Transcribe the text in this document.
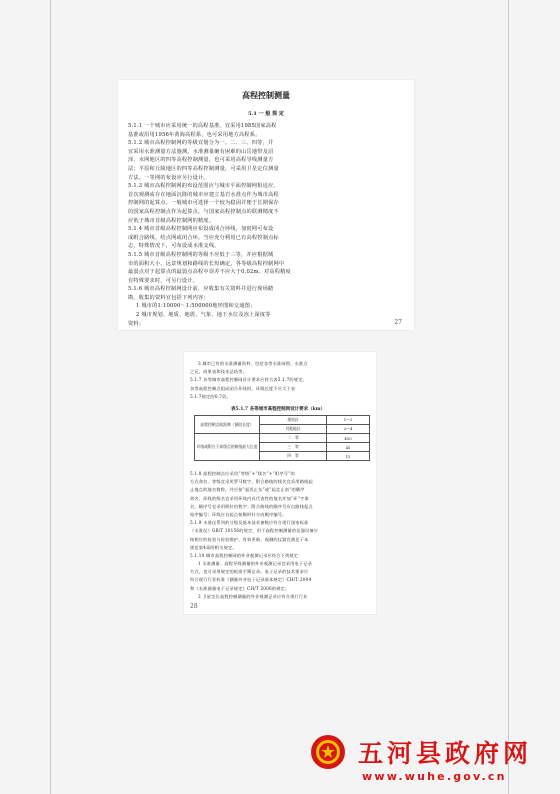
高程控制测量
5.1 一 般 规 定
5.1.1 一个城市应采用统一的高程基准。宜采用1985国家高程
基准或沿用1956年黄海高程系，也可采用地方高程系。
5.1.2 城市高程控制网的等级宜划分为一、二、三、四等，并
宜采用水准测量方法施测。水准测量确有困难的山岳地带及沼
泽、水网地区的四等高程控制测量，也可采用高程导线测量方
法；平原和丘陵地区的四等高程控制测量，可采用卫星定位测量
方法。一等网的布设应另行设计。
5.1.3 城市高程控制网的布设范围应与城市平面控制网相适应。
首次观测或存在地面沉降的城市应建立基岩水准点作为城市高程
控制网的起算点。一般城市可选择一个较为稳固并便于长期保存
的国家高程控制点作为起算点。与国家高程控制点的联测精度不
应低于城市首级高程控制网的精度。
5.1.4 城市首级高程控制网应布设成闭合环线，加密网可布设
成附合路线、结点网或闭合环。当应充分利用已有高程控制点标
志，特殊情况下，可布设成水准支线。
5.1.5 城市首级高程控制网的等级不应低于三等，并应根据城
市的面积大小、远景规划和路线的长短确定。各等级高程控制网中
最弱点对于起算点的最弱点高程中误差不应大于0.02m。对高程精度
有特殊要求时，可另行设计。
5.1.6 城市高程控制网设计前，应收集有关资料并进行现场踏
勘。收集的资料宜包括下列内容：
1 城市的1:10000～1:500000地形图和交通图；
2 城市规划、地质、地震、气象、地下水位及冻土深度等
资料；	27
3 城市已有的水准测量资料，包括各等水准网图、水准点
之记、成果表和技术总结等。
5.1.7 各等城市高程控制网设计要求应符合表5.1.7的规定，
各等高程控制点组成闭合环线时，环线长度不应大于表
5.1.7规定的0.7倍。
表5.1.7 各等城市高程控制网设计要求（km）
高程控制点间距离（测段长度）	建筑区	1～2
	其他地区	2～4
环线或附合于高级点的路线最大长度	二　等	400
	三　等	45
	四　等	15
5.1.8 高程控制点应采用“等级”+“线名”+“町序号”的
方式命名，等级宜采用罗马数字，附合路线的线名宜采用路线起
止地点的地名简称，并应按“起西止东”或“起北止南”的顺序
命名；环线的线名宜采用环线内具代表性的地名并加“环”字命
名，顺序号宜采用阿拉伯数字；附合路线的顺序号应自路线起点
始序编号；环线应自起点按顺时针方向顺序编号。
5.1.9 水准仪系列的分级及基本技术参数应符合现行国家标准
《水准仪》GB/T 10156的规定，用于高程控制测量的仪器设备应
按相应的检验与检验维护、有效更新、观测的仪器宜满足于本
规范第4章的相关规定。
5.1.10 城市高程控制网的外业观测记录应符合下列规定：
1 水准测量、高程导线测量的外业观测记录宜采用电子记录
方式，也可采用规定的纸质手簿记录。电子记录的技术要求应
符合现行行业标准《测量外业电子记录基本规定》CH/T 2004
和《水准测量电子记录规定》CH/T 2006的规定。
2 卫星定位高程控制测量的外业观测记录应符合现行行业
28
五河县政府网
www.wuhe.gov.cn
